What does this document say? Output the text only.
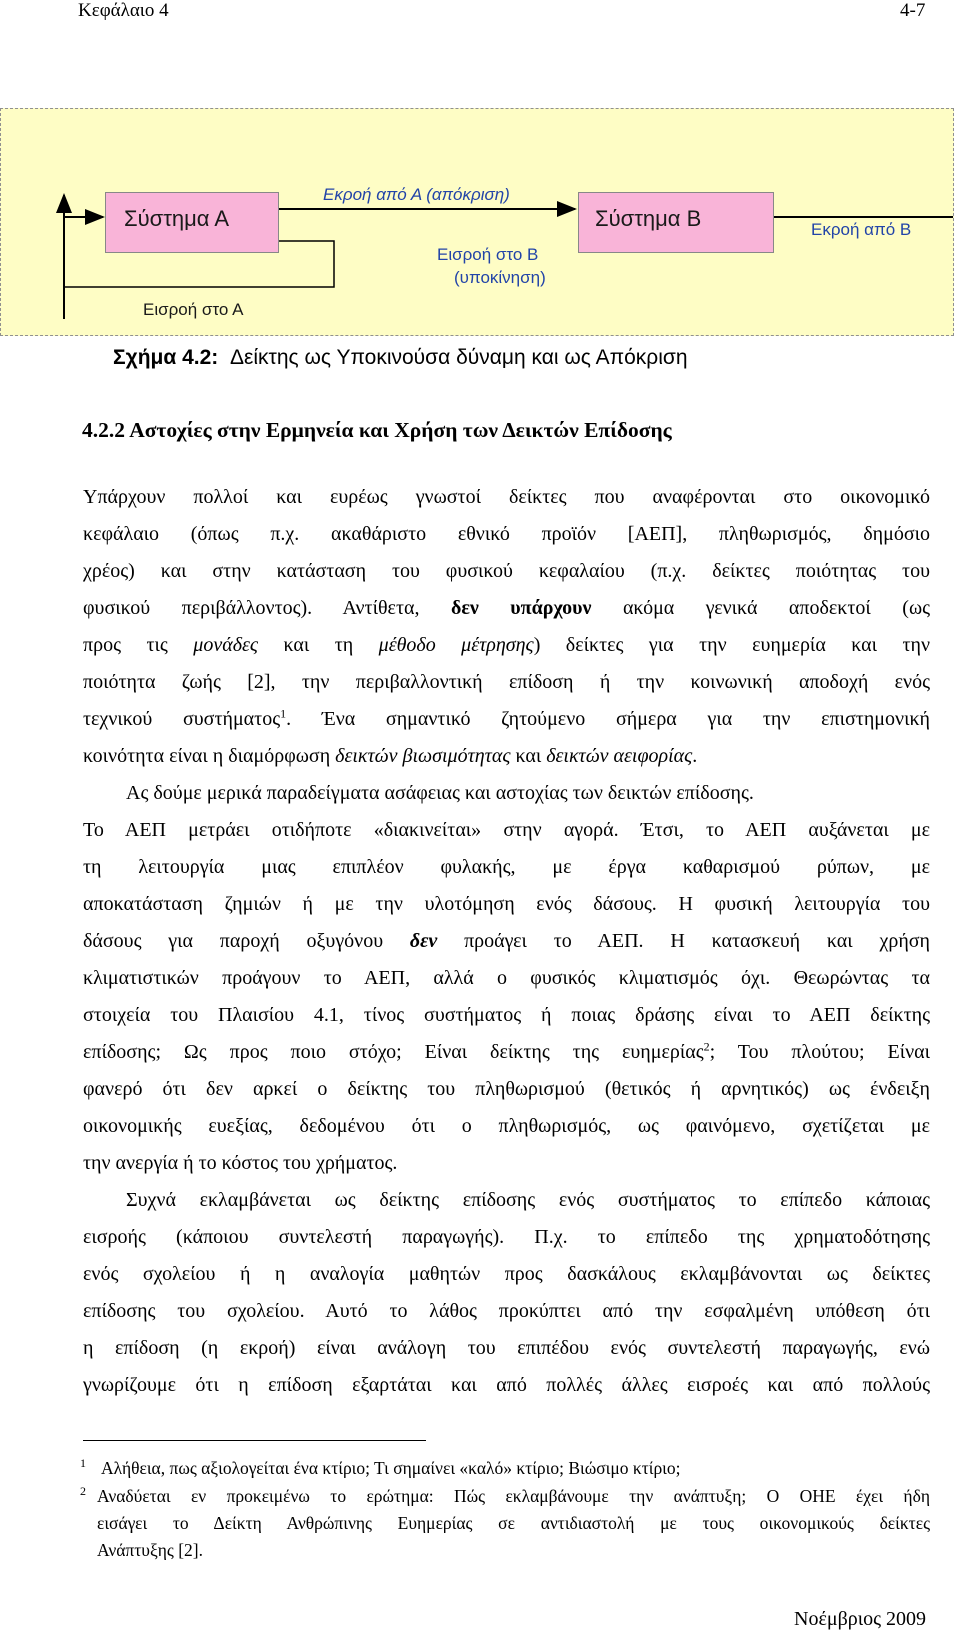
Κεφάλαιο 4	4-7
Σύστημα Α	Σύστημα Β
Εκροή από Α (απόκριση)
Εισροή στο Β
(υποκίνηση)
Εισροή στο Α
Εκροή από Β
Σχήμα 4.2: Δείκτης ως Υποκινούσα δύναμη και ως Απόκριση
4.2.2 Αστοχίες στην Ερμηνεία και Χρήση των Δεικτών Επίδοσης
Υπάρχουν πολλοί και ευρέως γνωστοί δείκτες που αναφέρονται στο οικονομικό
κεφάλαιο (όπως π.χ. ακαθάριστο εθνικό προϊόν [ΑΕΠ], πληθωρισμός, δημόσιο
χρέος) και στην κατάσταση του φυσικού κεφαλαίου (π.χ. δείκτες ποιότητας του
φυσικού περιβάλλοντος). Αντίθετα, δεν υπάρχουν ακόμα γενικά αποδεκτοί (ως
προς τις μονάδες και τη μέθοδο μέτρησης) δείκτες για την ευημερία και την
ποιότητα ζωής [2], την περιβαλλοντική επίδοση ή την κοινωνική αποδοχή ενός
τεχνικού συστήματος$^1$. Ένα σημαντικό ζητούμενο σήμερα για την επιστημονική
κοινότητα είναι η διαμόρφωση δεικτών βιωσιμότητας και δεικτών αειφορίας.
Ας δούμε μερικά παραδείγματα ασάφειας και αστοχίας των δεικτών επίδοσης.
Το ΑΕΠ μετράει οτιδήποτε «διακινείται» στην αγορά. Έτσι, το ΑΕΠ αυξάνεται με
τη λειτουργία μιας επιπλέον φυλακής, με έργα καθαρισμού ρύπων, με
αποκατάσταση ζημιών ή με την υλοτόμηση ενός δάσους. Η φυσική λειτουργία του
δάσους για παροχή οξυγόνου δεν προάγει το ΑΕΠ. Η κατασκευή και χρήση
κλιματιστικών προάγουν το ΑΕΠ, αλλά ο φυσικός κλιματισμός όχι. Θεωρώντας τα
στοιχεία του Πλαισίου 4.1, τίνος συστήματος ή ποιας δράσης είναι το ΑΕΠ δείκτης
επίδοσης; Ως προς ποιο στόχο; Είναι δείκτης της ευημερίας$^2$; Του πλούτου; Είναι
φανερό ότι δεν αρκεί ο δείκτης του πληθωρισμού (θετικός ή αρνητικός) ως ένδειξη
οικονομικής ευεξίας, δεδομένου ότι ο πληθωρισμός, ως φαινόμενο, σχετίζεται με
την ανεργία ή το κόστος του χρήματος.
Συχνά εκλαμβάνεται ως δείκτης επίδοσης ενός συστήματος το επίπεδο κάποιας
εισροής (κάποιου συντελεστή παραγωγής). Π.χ. το επίπεδο της χρηματοδότησης
ενός σχολείου ή η αναλογία μαθητών προς δασκάλους εκλαμβάνονται ως δείκτες
επίδοσης του σχολείου. Αυτό το λάθος προκύπτει από την εσφαλμένη υπόθεση ότι
η επίδοση (η εκροή) είναι ανάλογη του επιπέδου ενός συντελεστή παραγωγής, ενώ
γνωρίζουμε ότι η επίδοση εξαρτάται και από πολλές άλλες εισροές και από πολλούς
1 Αλήθεια, πως αξιολογείται ένα κτίριο; Τι σημαίνει «καλό» κτίριο; Βιώσιμο κτίριο;
2 Αναδύεται εν προκειμένω το ερώτημα: Πώς εκλαμβάνουμε την ανάπτυξη; Ο ΟΗΕ έχει ήδη
εισάγει το Δείκτη Ανθρώπινης Ευημερίας σε αντιδιαστολή με τους οικονομικούς δείκτες
Ανάπτυξης [2].
Νοέμβριος 2009
